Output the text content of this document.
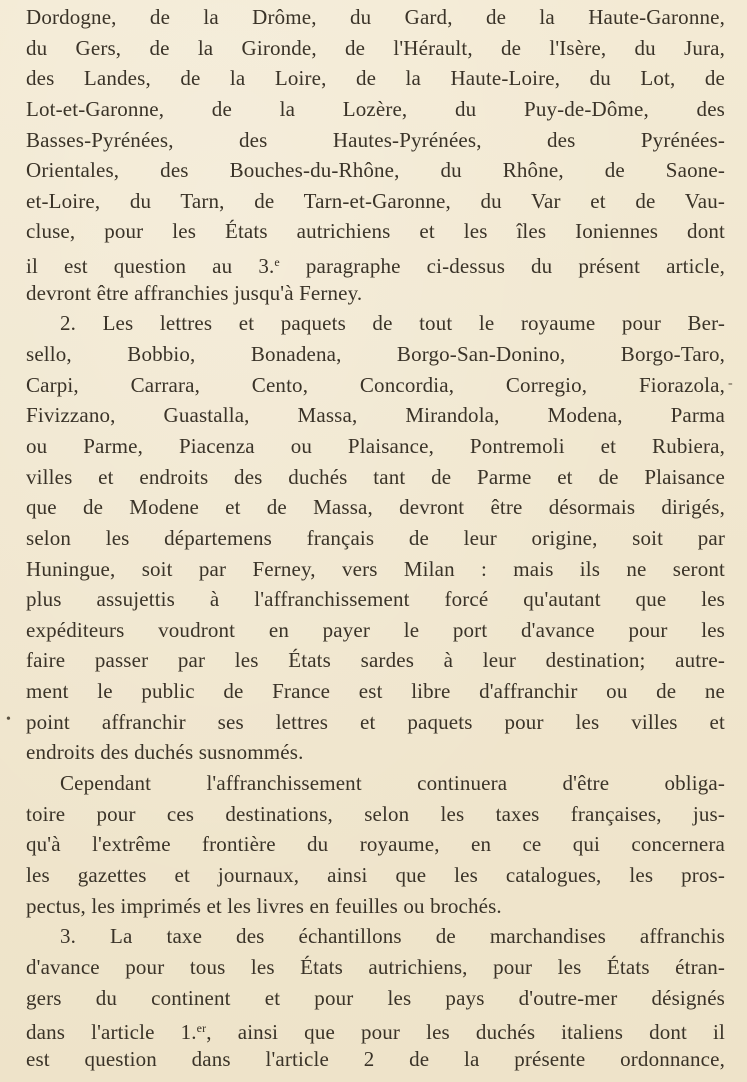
Dordogne, de la Drôme, du Gard, de la Haute-Garonne,
du Gers, de la Gironde, de l'Hérault, de l'Isère, du Jura,
des Landes, de la Loire, de la Haute-Loire, du Lot, de
Lot-et-Garonne, de la Lozère, du Puy-de-Dôme, des
Basses-Pyrénées, des Hautes-Pyrénées, des Pyrénées-
Orientales, des Bouches-du-Rhône, du Rhône, de Saone-
et-Loire, du Tarn, de Tarn-et-Garonne, du Var et de Vau-
cluse, pour les États autrichiens et les îles Ioniennes dont
il est question au 3.$^e$ paragraphe ci-dessus du présent article,
devront être affranchies jusqu'à Ferney.
2. Les lettres et paquets de tout le royaume pour Ber-
sello, Bobbio, Bonadena, Borgo-San-Donino, Borgo-Taro,
Carpi, Carrara, Cento, Concordia, Corregio, Fiorazola,
Fivizzano, Guastalla, Massa, Mirandola, Modena, Parma
ou Parme, Piacenza ou Plaisance, Pontremoli et Rubiera,
villes et endroits des duchés tant de Parme et de Plaisance
que de Modene et de Massa, devront être désormais dirigés,
selon les départemens français de leur origine, soit par
Huningue, soit par Ferney, vers Milan : mais ils ne seront
plus assujettis à l'affranchissement forcé qu'autant que les
expéditeurs voudront en payer le port d'avance pour les
faire passer par les États sardes à leur destination; autre-
ment le public de France est libre d'affranchir ou de ne
point affranchir ses lettres et paquets pour les villes et
endroits des duchés susnommés.
Cependant l'affranchissement continuera d'être obliga-
toire pour ces destinations, selon les taxes françaises, jus-
qu'à l'extrême frontière du royaume, en ce qui concernera
les gazettes et journaux, ainsi que les catalogues, les pros-
pectus, les imprimés et les livres en feuilles ou brochés.
3. La taxe des échantillons de marchandises affranchis
d'avance pour tous les États autrichiens, pour les États étran-
gers du continent et pour les pays d'outre-mer désignés
dans l'article 1.$^{er}$, ainsi que pour les duchés italiens dont il
est question dans l'article 2 de la présente ordonnance,
-
•
